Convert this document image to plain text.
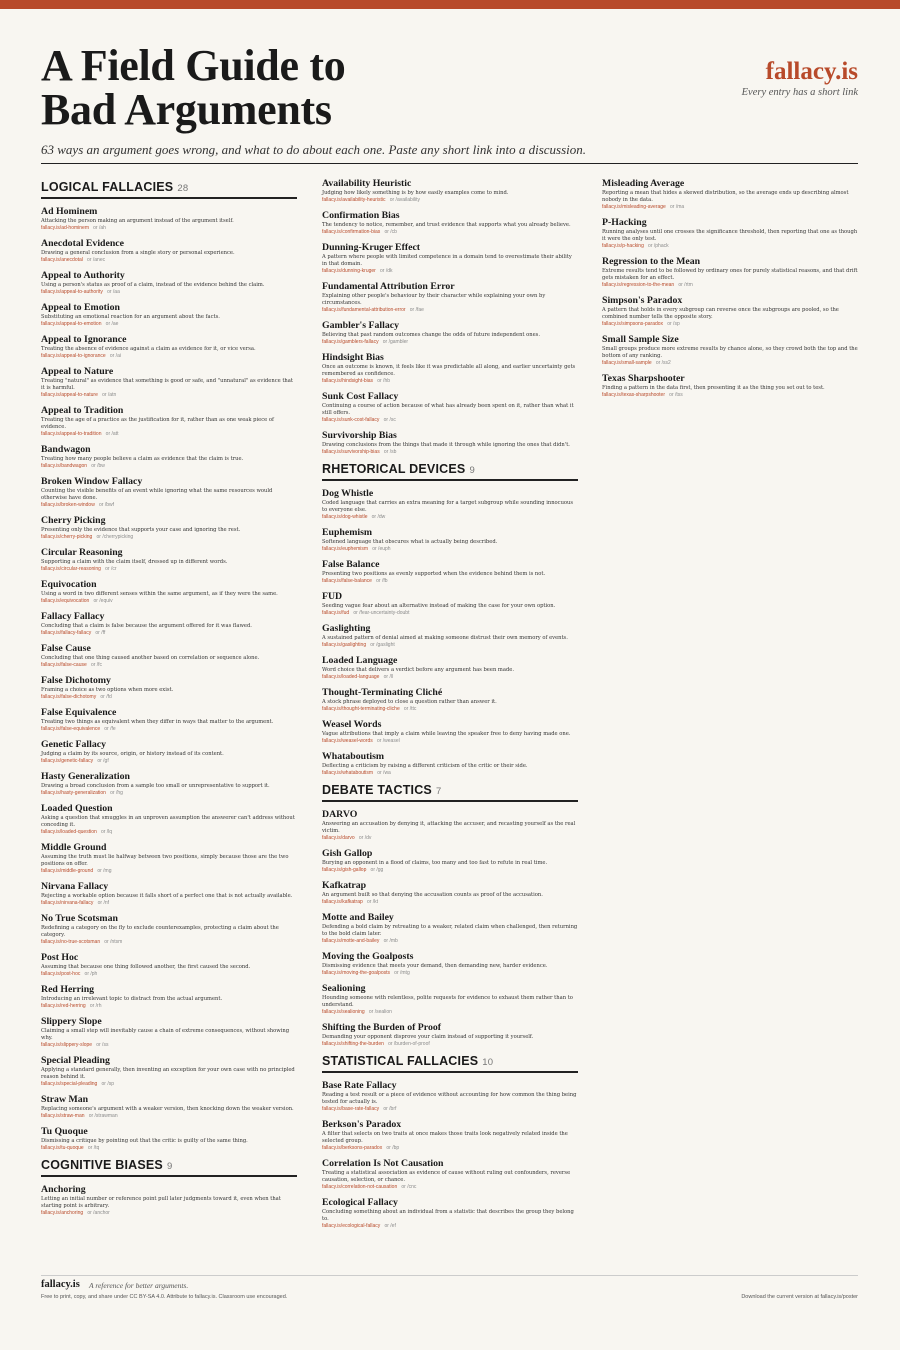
A Field Guide to
Bad Arguments
fallacy.is
Every entry has a short link
63 ways an argument goes wrong, and what to do about each one. Paste any short link into a discussion.
LOGICAL FALLACIES 28
Ad Hominem
Attacking the person making an argument instead of the argument itself.
fallacy.is/ad-hominem or /ah
Anecdotal Evidence
Drawing a general conclusion from a single story or personal experience.
fallacy.is/anecdotal or /anec
Appeal to Authority
Using a person's status as proof of a claim, instead of the evidence behind the claim.
fallacy.is/appeal-to-authority or /aa
Appeal to Emotion
Substituting an emotional reaction for an argument about the facts.
fallacy.is/appeal-to-emotion or /ae
Appeal to Ignorance
Treating the absence of evidence against a claim as evidence for it, or vice versa.
fallacy.is/appeal-to-ignorance or /ai
Appeal to Nature
Treating "natural" as evidence that something is good or safe, and "unnatural" as evidence that it is harmful.
fallacy.is/appeal-to-nature or /atn
Appeal to Tradition
Treating the age of a practice as the justification for it, rather than as one weak piece of evidence.
fallacy.is/appeal-to-tradition or /att
Bandwagon
Treating how many people believe a claim as evidence that the claim is true.
fallacy.is/bandwagon or /bw
Broken Window Fallacy
Counting the visible benefits of an event while ignoring what the same resources would otherwise have done.
fallacy.is/broken-window or /bwf
Cherry Picking
Presenting only the evidence that supports your case and ignoring the rest.
fallacy.is/cherry-picking or /cherrypicking
Circular Reasoning
Supporting a claim with the claim itself, dressed up in different words.
fallacy.is/circular-reasoning or /cr
Equivocation
Using a word in two different senses within the same argument, as if they were the same.
fallacy.is/equivocation or /equiv
Fallacy Fallacy
Concluding that a claim is false because the argument offered for it was flawed.
fallacy.is/fallacy-fallacy or /ff
False Cause
Concluding that one thing caused another based on correlation or sequence alone.
fallacy.is/false-cause or /fc
False Dichotomy
Framing a choice as two options when more exist.
fallacy.is/false-dichotomy or /fd
False Equivalence
Treating two things as equivalent when they differ in ways that matter to the argument.
fallacy.is/false-equivalence or /fe
Genetic Fallacy
Judging a claim by its source, origin, or history instead of its content.
fallacy.is/genetic-fallacy or /gf
Hasty Generalization
Drawing a broad conclusion from a sample too small or unrepresentative to support it.
fallacy.is/hasty-generalization or /hg
Loaded Question
Asking a question that smuggles in an unproven assumption the answerer can't address without conceding it.
fallacy.is/loaded-question or /lq
Middle Ground
Assuming the truth must lie halfway between two positions, simply because those are the two positions on offer.
fallacy.is/middle-ground or /mg
Nirvana Fallacy
Rejecting a workable option because it falls short of a perfect one that is not actually available.
fallacy.is/nirvana-fallacy or /nf
No True Scotsman
Redefining a category on the fly to exclude counterexamples, protecting a claim about the category.
fallacy.is/no-true-scotsman or /ntsm
Post Hoc
Assuming that because one thing followed another, the first caused the second.
fallacy.is/post-hoc or /ph
Red Herring
Introducing an irrelevant topic to distract from the actual argument.
fallacy.is/red-herring or /rh
Slippery Slope
Claiming a small step will inevitably cause a chain of extreme consequences, without showing why.
fallacy.is/slippery-slope or /ss
Special Pleading
Applying a standard generally, then inventing an exception for your own case with no principled reason behind it.
fallacy.is/special-pleading or /sp
Straw Man
Replacing someone's argument with a weaker version, then knocking down the weaker version.
fallacy.is/straw-man or /strawman
Tu Quoque
Dismissing a critique by pointing out that the critic is guilty of the same thing.
fallacy.is/tu-quoque or /tq
COGNITIVE BIASES 9
Anchoring
Letting an initial number or reference point pull later judgments toward it, even when that starting point is arbitrary.
fallacy.is/anchoring or /anchor
Availability Heuristic
Judging how likely something is by how easily examples come to mind.
fallacy.is/availability-heuristic or /availability
Confirmation Bias
The tendency to notice, remember, and trust evidence that supports what you already believe.
fallacy.is/confirmation-bias or /cb
Dunning-Kruger Effect
A pattern where people with limited competence in a domain tend to overestimate their ability in that domain.
fallacy.is/dunning-kruger or /dk
Fundamental Attribution Error
Explaining other people's behaviour by their character while explaining your own by circumstances.
fallacy.is/fundamental-attribution-error or /fae
Gambler's Fallacy
Believing that past random outcomes change the odds of future independent ones.
fallacy.is/gamblers-fallacy or /gambler
Hindsight Bias
Once an outcome is known, it feels like it was predictable all along, and earlier uncertainty gets remembered as confidence.
fallacy.is/hindsight-bias or /hb
Sunk Cost Fallacy
Continuing a course of action because of what has already been spent on it, rather than what it still offers.
fallacy.is/sunk-cost-fallacy or /sc
Survivorship Bias
Drawing conclusions from the things that made it through while ignoring the ones that didn't.
fallacy.is/survivorship-bias or /sb
RHETORICAL DEVICES 9
Dog Whistle
Coded language that carries an extra meaning for a target subgroup while sounding innocuous to everyone else.
fallacy.is/dog-whistle or /dw
Euphemism
Softened language that obscures what is actually being described.
fallacy.is/euphemism or /euph
False Balance
Presenting two positions as evenly supported when the evidence behind them is not.
fallacy.is/false-balance or /fb
FUD
Seeding vague fear about an alternative instead of making the case for your own option.
fallacy.is/fud or /fear-uncertainty-doubt
Gaslighting
A sustained pattern of denial aimed at making someone distrust their own memory of events.
fallacy.is/gaslighting or /gaslight
Loaded Language
Word choice that delivers a verdict before any argument has been made.
fallacy.is/loaded-language or /ll
Thought-Terminating Cliché
A stock phrase deployed to close a question rather than answer it.
fallacy.is/thought-terminating-cliche or /ttc
Weasel Words
Vague attributions that imply a claim while leaving the speaker free to deny having made one.
fallacy.is/weasel-words or /weasel
Whataboutism
Deflecting a criticism by raising a different criticism of the critic or their side.
fallacy.is/whataboutism or /wa
DEBATE TACTICS 7
DARVO
Answering an accusation by denying it, attacking the accuser, and recasting yourself as the real victim.
fallacy.is/darvo or /dv
Gish Gallop
Burying an opponent in a flood of claims, too many and too fast to refute in real time.
fallacy.is/gish-gallop or /gg
Kafkatrap
An argument built so that denying the accusation counts as proof of the accusation.
fallacy.is/kafkatrap or /kt
Motte and Bailey
Defending a bold claim by retreating to a weaker, related claim when challenged, then returning to the bold claim later.
fallacy.is/motte-and-bailey or /mb
Moving the Goalposts
Dismissing evidence that meets your demand, then demanding new, harder evidence.
fallacy.is/moving-the-goalposts or /mtg
Sealioning
Hounding someone with relentless, polite requests for evidence to exhaust them rather than to understand.
fallacy.is/sealioning or /sealion
Shifting the Burden of Proof
Demanding your opponent disprove your claim instead of supporting it yourself.
fallacy.is/shifting-the-burden or /burden-of-proof
STATISTICAL FALLACIES 10
Base Rate Fallacy
Reading a test result or a piece of evidence without accounting for how common the thing being tested for actually is.
fallacy.is/base-rate-fallacy or /brf
Berkson's Paradox
A filter that selects on two traits at once makes those traits look negatively related inside the selected group.
fallacy.is/berksons-paradox or /bp
Correlation Is Not Causation
Treating a statistical association as evidence of cause without ruling out confounders, reverse causation, selection, or chance.
fallacy.is/correlation-not-causation or /cnc
Ecological Fallacy
Concluding something about an individual from a statistic that describes the group they belong to.
fallacy.is/ecological-fallacy or /ef
Misleading Average
Reporting a mean that hides a skewed distribution, so the average ends up describing almost nobody in the data.
fallacy.is/misleading-average or /ma
P-Hacking
Running analyses until one crosses the significance threshold, then reporting that one as though it were the only test.
fallacy.is/p-hacking or /phack
Regression to the Mean
Extreme results tend to be followed by ordinary ones for purely statistical reasons, and that drift gets mistaken for an effect.
fallacy.is/regression-to-the-mean or /rtm
Simpson's Paradox
A pattern that holds in every subgroup can reverse once the subgroups are pooled, so the combined number tells the opposite story.
fallacy.is/simpsons-paradox or /sp
Small Sample Size
Small groups produce more extreme results by chance alone, so they crowd both the top and the bottom of any ranking.
fallacy.is/small-sample or /ss2
Texas Sharpshooter
Finding a pattern in the data first, then presenting it as the thing you set out to test.
fallacy.is/texas-sharpshooter or /tss
fallacy.is A reference for better arguments.
Free to print, copy, and share under CC BY-SA 4.0. Attribute to fallacy.is. Classroom use encouraged.	Download the current version at fallacy.is/poster
